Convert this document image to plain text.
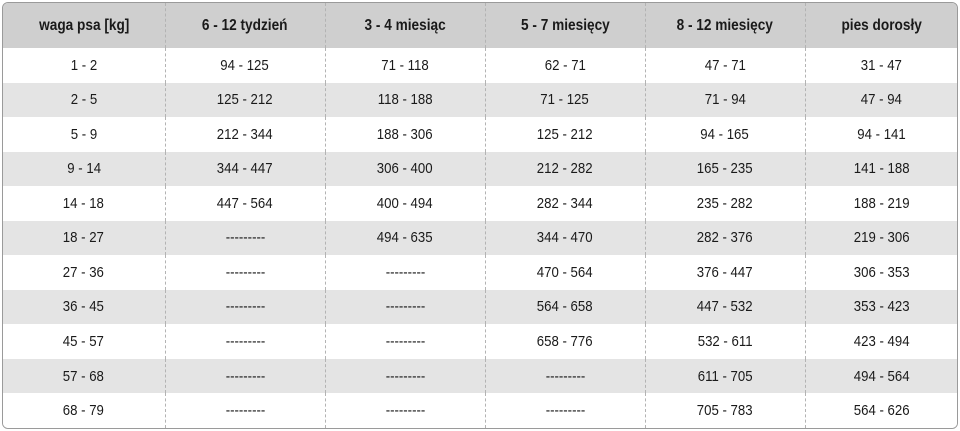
waga psa [kg]	6 - 12 tydzień	3 - 4 miesiąc	5 - 7 miesięcy	8 - 12 miesięcy	pies dorosły
1 - 2	94 - 125	71 - 118	62 - 71	47 - 71	31 - 47
2 - 5	125 - 212	118 - 188	71 - 125	71 - 94	47 - 94
5 - 9	212 - 344	188 - 306	125 - 212	94 - 165	94 - 141
9 - 14	344 - 447	306 - 400	212 - 282	165 - 235	141 - 188
14 - 18	447 - 564	400 - 494	282 - 344	235 - 282	188 - 219
18 - 27	---------	494 - 635	344 - 470	282 - 376	219 - 306
27 - 36	---------	---------	470 - 564	376 - 447	306 - 353
36 - 45	---------	---------	564 - 658	447 - 532	353 - 423
45 - 57	---------	---------	658 - 776	532 - 611	423 - 494
57 - 68	---------	---------	---------	611 - 705	494 - 564
68 - 79	---------	---------	---------	705 - 783	564 - 626
